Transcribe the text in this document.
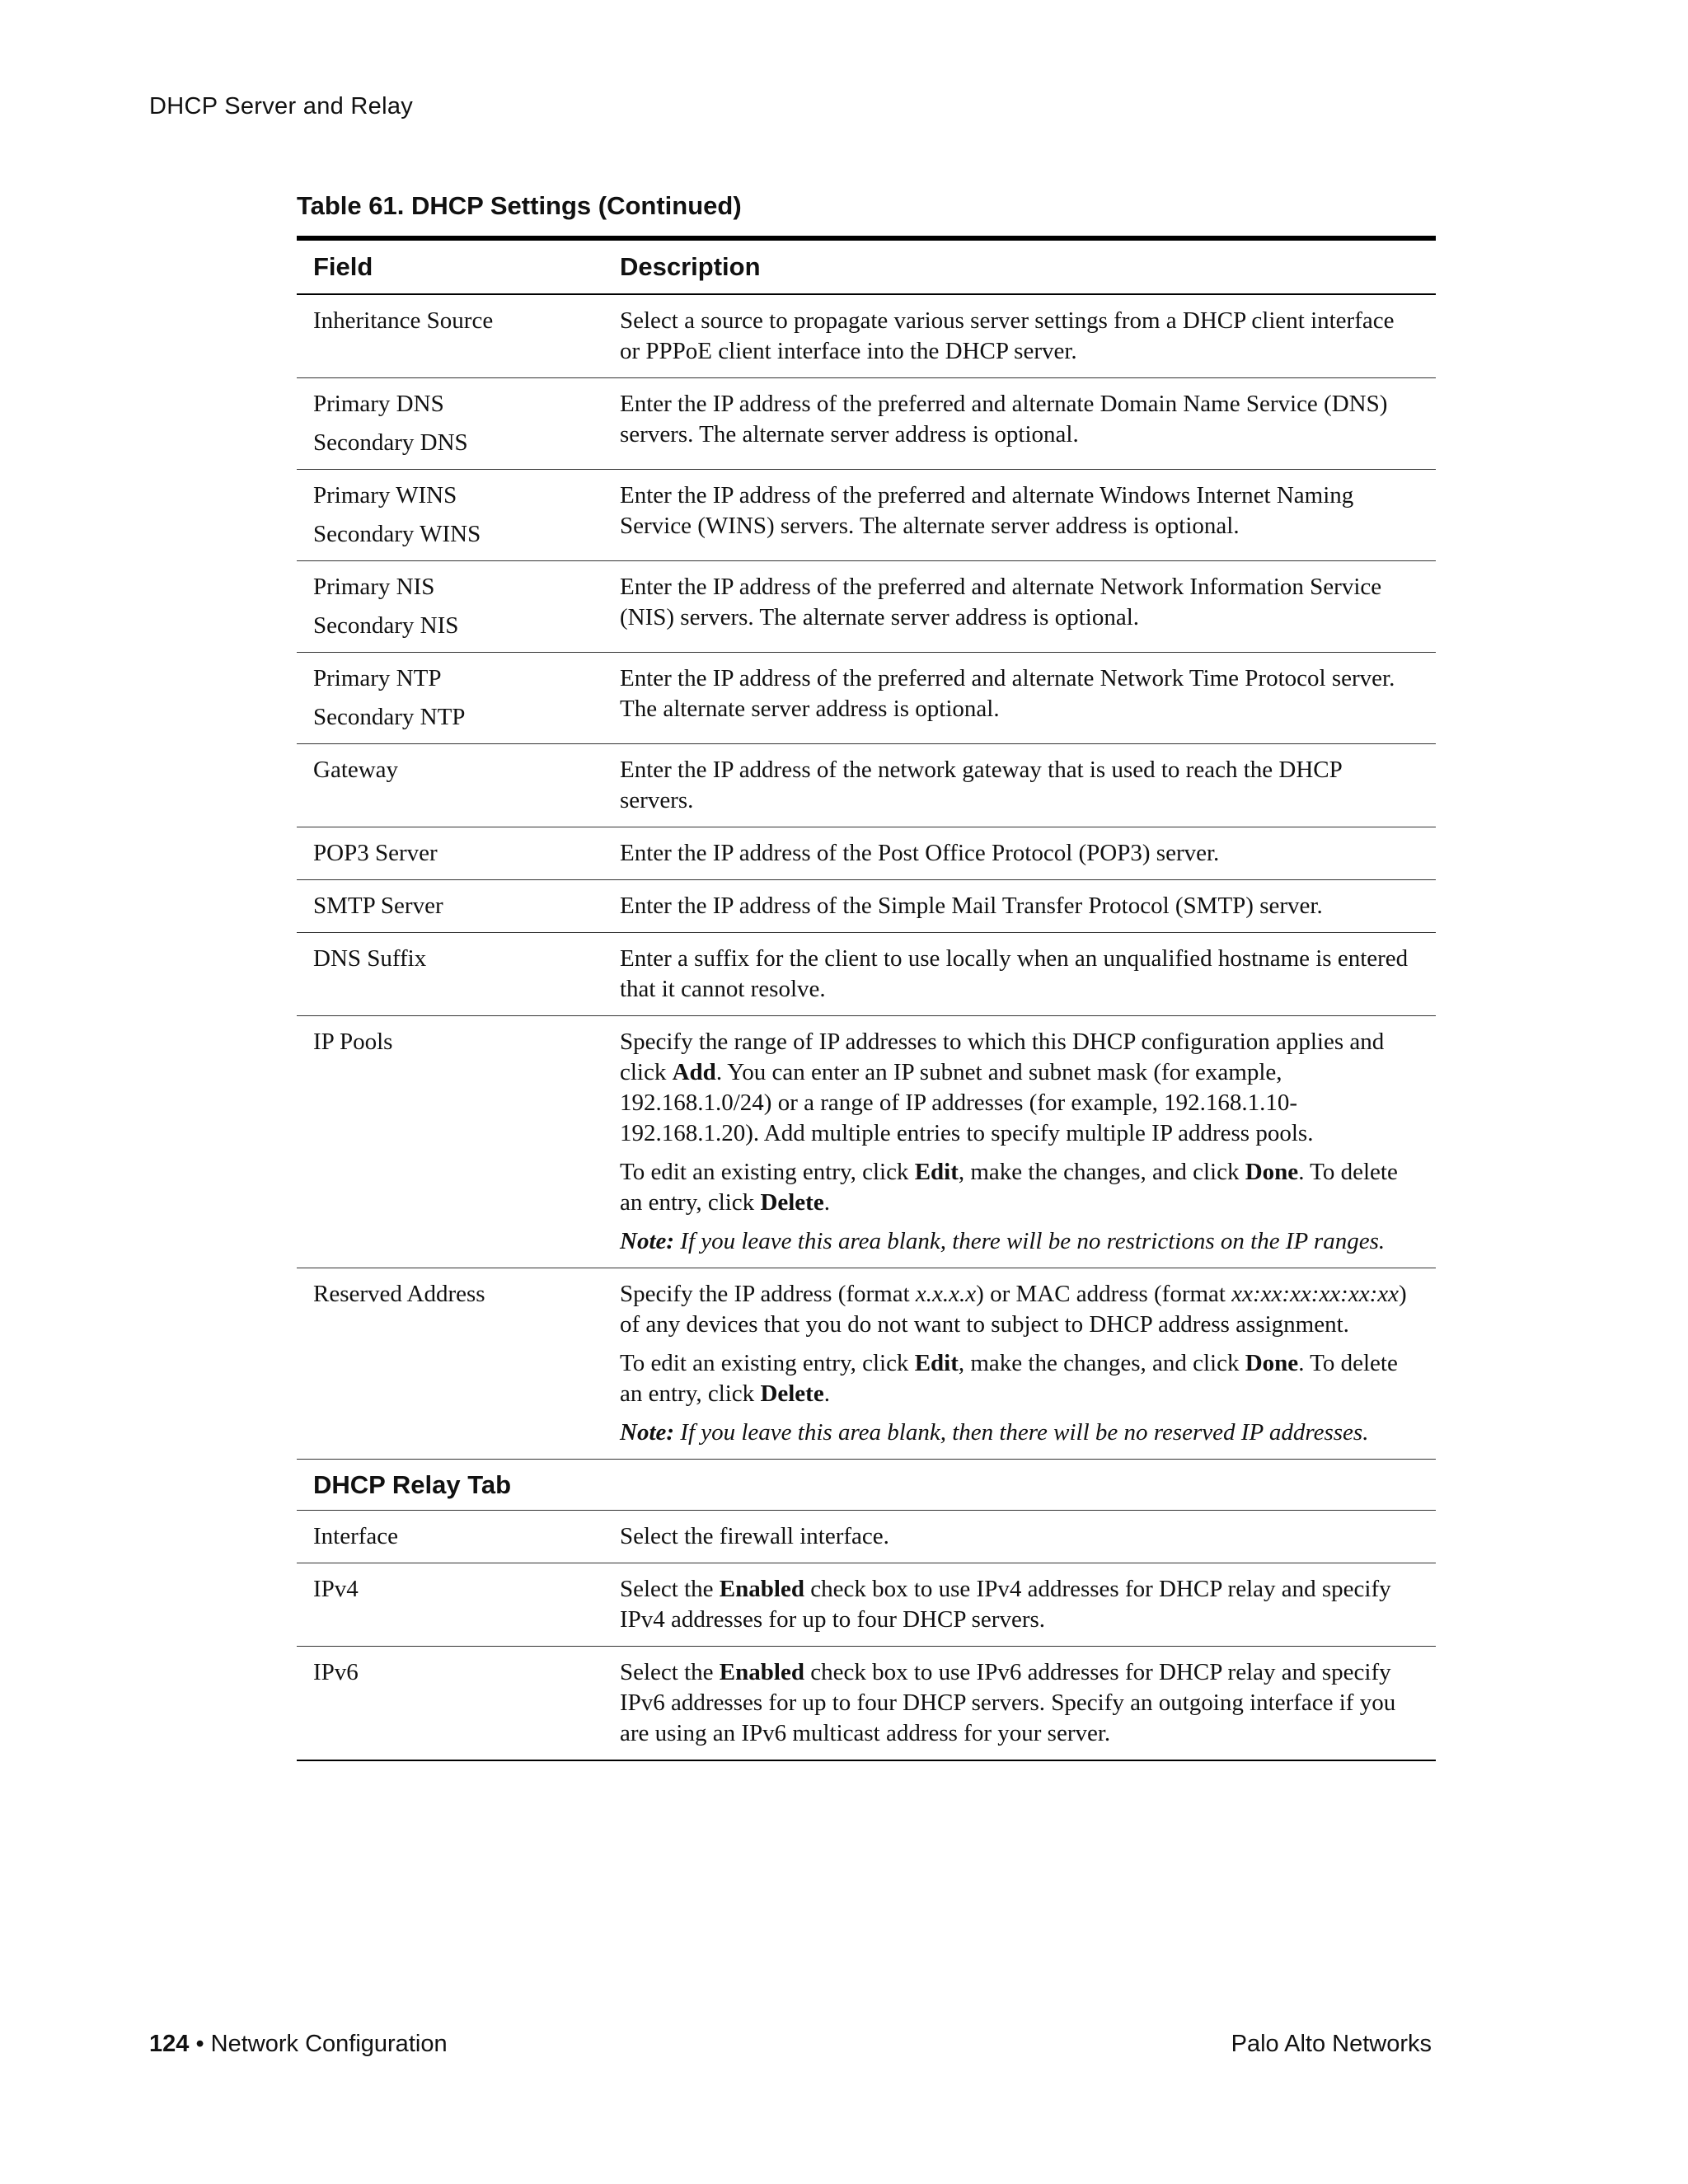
DHCP Server and Relay
Table 61. DHCP Settings (Continued)
Field	Description

Inheritance Source	Select a source to propagate various server settings from a DHCP client interface or PPPoE client interface into the DHCP server.

Primary DNS
Secondary DNS	Enter the IP address of the preferred and alternate Domain Name Service (DNS) servers. The alternate server address is optional.

Primary WINS
Secondary WINS	Enter the IP address of the preferred and alternate Windows Internet Naming Service (WINS) servers. The alternate server address is optional.

Primary NIS
Secondary NIS	Enter the IP address of the preferred and alternate Network Information Service (NIS) servers. The alternate server address is optional.

Primary NTP
Secondary NTP	Enter the IP address of the preferred and alternate Network Time Protocol server. The alternate server address is optional.

Gateway	Enter the IP address of the network gateway that is used to reach the DHCP servers.

POP3 Server	Enter the IP address of the Post Office Protocol (POP3) server.

SMTP Server	Enter the IP address of the Simple Mail Transfer Protocol (SMTP) server.

DNS Suffix	Enter a suffix for the client to use locally when an unqualified hostname is entered that it cannot resolve.

IP Pools	Specify the range of IP addresses to which this DHCP configuration applies and click Add. You can enter an IP subnet and subnet mask (for example, 192.168.1.0/24) or a range of IP addresses (for example, 192.168.1.10-192.168.1.20). Add multiple entries to specify multiple IP address pools.
To edit an existing entry, click Edit, make the changes, and click Done. To delete an entry, click Delete.
Note: If you leave this area blank, there will be no restrictions on the IP ranges.

Reserved Address	Specify the IP address (format x.x.x.x) or MAC address (format xx:xx:xx:xx:xx:xx) of any devices that you do not want to subject to DHCP address assignment.
To edit an existing entry, click Edit, make the changes, and click Done. To delete an entry, click Delete.
Note: If you leave this area blank, then there will be no reserved IP addresses.

DHCP Relay Tab	

Interface	Select the firewall interface.

IPv4	Select the Enabled check box to use IPv4 addresses for DHCP relay and specify IPv4 addresses for up to four DHCP servers.

IPv6	Select the Enabled check box to use IPv6 addresses for DHCP relay and specify IPv6 addresses for up to four DHCP servers. Specify an outgoing interface if you are using an IPv6 multicast address for your server.
124 • Network Configuration	Palo Alto Networks
